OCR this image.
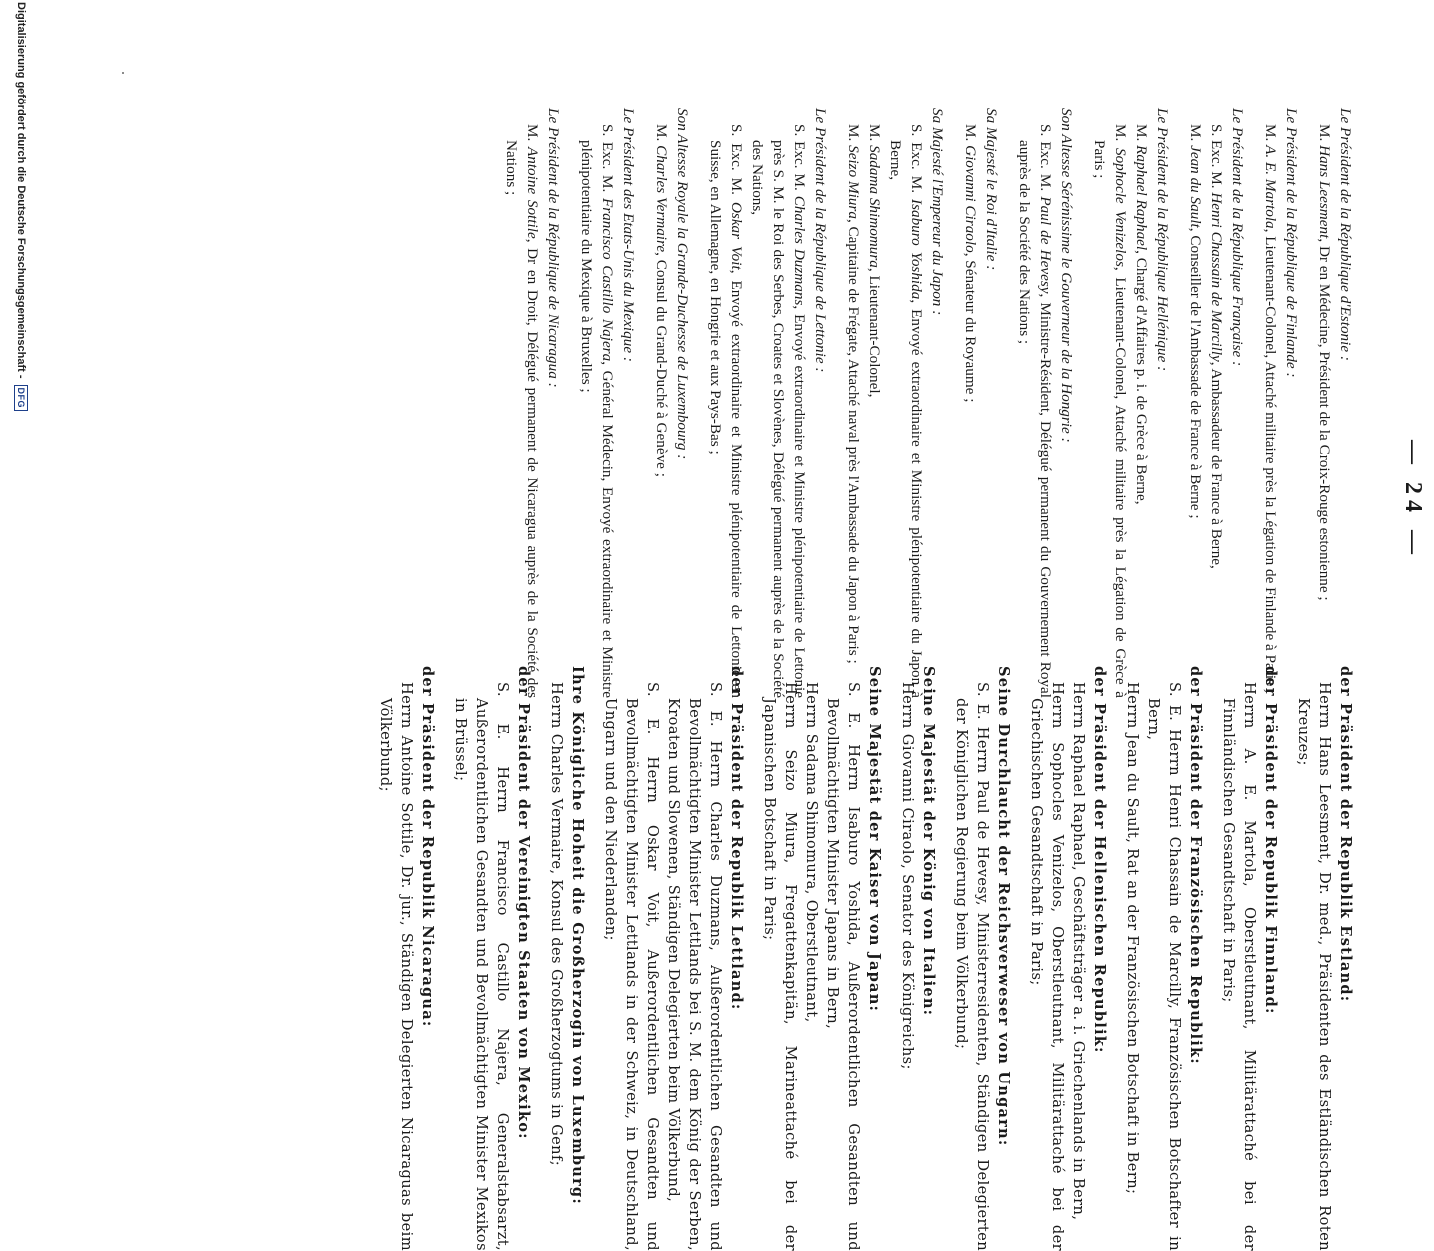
— 24 —
Le Président de la République d'Estonie :
M. Hans Leesment, Dr en Médecine, Président de la Croix-Rouge estonienne ;
Le Président de la République de Finlande :
M. A. E. Martola, Lieutenant-Colonel, Attaché militaire près la Légation de Finlande à Paris ;
Le Président de la République Française :
S. Exc. M. Henri Chassain de Marcilly, Ambassadeur de France à Berne,
M. Jean du Sault, Conseiller de l'Ambassade de France à Berne ;
Le Président de la République Hellénique :
M. Raphael Raphael, Chargé d'Affaires p. i. de Grèce à Berne,
M. Sophocle Venizelos, Lieutenant-Colonel, Attaché militaire près la Légation de Grèce à Paris ;
Son Altesse Sérénissime le Gouverneur de la Hongrie :
S. Exc. M. Paul de Hevesy, Ministre-Résident, Délégué permanent du Gouvernement Royal auprès de la Société des Nations ;
Sa Majesté le Roi d'Italie :
M. Giovanni Ciraolo, Sénateur du Royaume ;
Sa Majesté l'Empereur du Japon :
S. Exc. M. Isaburo Yoshida, Envoyé extraordinaire et Ministre plénipotentiaire du Japon à Berne,
M. Sadama Shimomura, Lieutenant-Colonel,
M. Seizo Miura, Capitaine de Frégate, Attaché naval près l'Ambassade du Japon à Paris ;
Le Président de la République de Lettonie :
S. Exc. M. Charles Duzmans, Envoyé extraordinaire et Ministre plénipotentiaire de Lettonie près S. M. le Roi des Serbes, Croates et Slovènes, Délégué permanent auprès de la Société des Nations,
S. Exc. M. Oskar Voit, Envoyé extraordinaire et Ministre plénipotentiaire de Lettonie en Suisse, en Allemagne, en Hongrie et aux Pays-Bas ;
Son Altesse Royale la Grande-Duchesse de Luxembourg :
M. Charles Vermaire, Consul du Grand-Duché à Genève ;
Le Président des Etats-Unis du Mexique :
S. Exc. M. Francisco Castillo Najera, Général Médecin, Envoyé extraordinaire et Ministre plénipotentiaire du Mexique à Bruxelles ;
Le Président de la République de Nicaragua :
M. Antoine Sottile, Dr en Droit, Délégué permanent de Nicaragua auprès de la Société des Nations ;
der Präsident der Republik Estland:
Herrn Hans Leesment, Dr. med., Präsidenten des Estländischen Roten Kreuzes;
der Präsident der Republik Finnland:
Herrn A. E. Martola, Oberstleutnant, Militärattaché bei der Finnländischen Gesandtschaft in Paris;
der Präsident der Französischen Republik:
S. E. Herrn Henri Chassain de Marcilly, Französischen Botschafter in Bern,
Herrn Jean du Sault, Rat an der Französischen Botschaft in Bern;
der Präsident der Hellenischen Republik:
Herrn Raphael Raphael, Geschäftsträger a. i. Griechenlands in Bern,
Herrn Sophocles Venizelos, Oberstleutnant, Militärattaché bei der Griechischen Gesandtschaft in Paris;
Seine Durchlaucht der Reichsverweser von Ungarn:
S. E. Herrn Paul de Hevesy, Ministerresidenten, Ständigen Delegierten der Königlichen Regierung beim Völkerbund;
Seine Majestät der König von Italien:
Herrn Giovanni Ciraolo, Senator des Königreichs;
Seine Majestät der Kaiser von Japan:
S. E. Herrn Isaburo Yoshida, Außerordentlichen Gesandten und Bevollmächtigten Minister Japans in Bern,
Herrn Sadama Shimomura, Oberstleutnant,
Herrn Seizo Miura, Fregattenkapitän, Marineattaché bei der Japanischen Botschaft in Paris;
der Präsident der Republik Lettland:
S. E. Herrn Charles Duzmans, Außerordentlichen Gesandten und Bevollmächtigten Minister Lettlands bei S. M. dem König der Serben, Kroaten und Slowenen, Ständigen Delegierten beim Völkerbund,
S. E. Herrn Oskar Voit, Außerordentlichen Gesandten und Bevollmächtigten Minister Lettlands in der Schweiz, in Deutschland, Ungarn und den Niederlanden;
Ihre Königliche Hoheit die Großherzogin von Luxemburg:
Herrn Charles Vermaire, Konsul des Großherzogtums in Genf;
der Präsident der Vereinigten Staaten von Mexiko:
S. E. Herrn Francisco Castillo Najera, Generalstabsarzt, Außerordentlichen Gesandten und Bevollmächtigten Minister Mexikos in Brüssel;
der Präsident der Republik Nicaragua:
Herrn Antoine Sottile, Dr. jur., Ständigen Delegierten Nicaraguas beim Völkerbund;
Digitalisierung gefördert durch die Deutsche Forschungsgemeinschaft -
DFG
